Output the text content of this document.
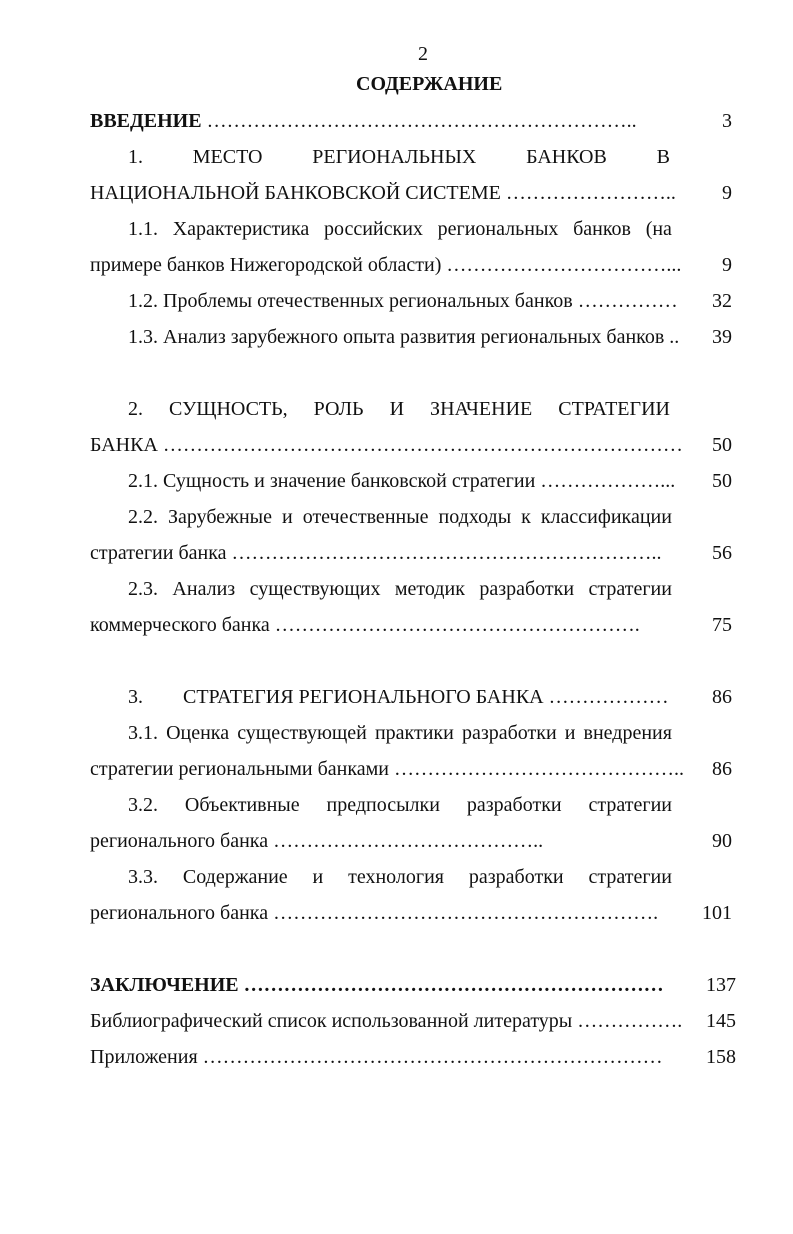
2
СОДЕРЖАНИЕ
ВВЕДЕНИЕ ………………………………………………………..	3
1. МЕСТО РЕГИОНАЛЬНЫХ БАНКОВ В
НАЦИОНАЛЬНОЙ БАНКОВСКОЙ СИСТЕМЕ ……………………..	9
1.1. Характеристика российских региональных банков (на
примере банков Нижегородской области) ……………………………...	9
1.2. Проблемы отечественных региональных банков ……………	32
1.3. Анализ зарубежного опыта развития региональных банков ..	39
2. СУЩНОСТЬ, РОЛЬ И ЗНАЧЕНИЕ СТРАТЕГИИ
БАНКА ……………………………………………………………………	50
2.1. Сущность и значение банковской стратегии ………………...	50
2.2. Зарубежные и отечественные подходы к классификации
стратегии банка ………………………………………………………..	56
2.3. Анализ существующих методик разработки стратегии
коммерческого банка ……………………………………………….	75
3.        СТРАТЕГИЯ РЕГИОНАЛЬНОГО БАНКА ………………	86
3.1. Оценка существующей практики разработки и внедрения
стратегии региональными банками ……………………………………..	86
3.2. Объективные предпосылки разработки стратегии
регионального банка …………………………………..	90
3.3. Содержание и технология разработки стратегии
регионального банка ………………………………………………….	101
ЗАКЛЮЧЕНИЕ ………………………………………………………	137
Библиографический список использованной литературы …………….	145
Приложения ……………………………………………………………	158
